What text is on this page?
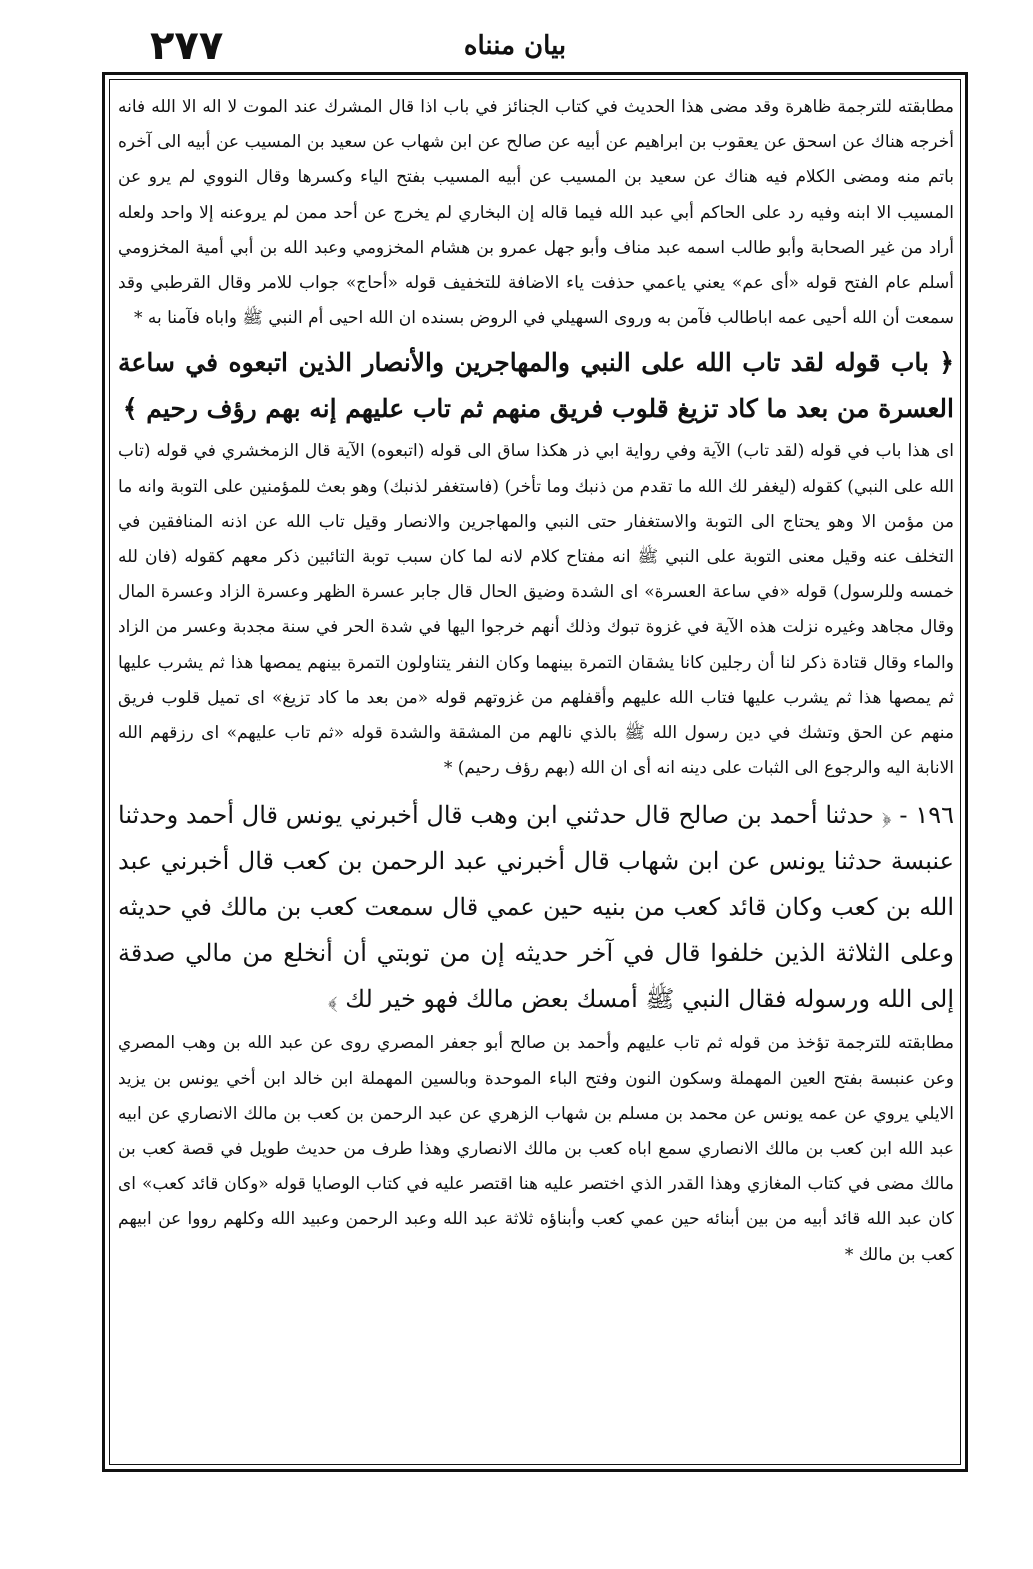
٢٧٧	بيان منناه

مطابقته للترجمة ظاهرة وقد مضى هذا الحديث في كتاب الجنائز في باب اذا قال المشرك عند الموت لا اله الا الله فانه أخرجه هناك عن اسحق عن يعقوب بن ابراهيم عن أبيه عن صالح عن ابن شهاب عن سعيد بن المسيب عن أبيه الى آخره باتم منه ومضى الكلام فيه هناك عن سعيد بن المسيب عن أبيه المسيب بفتح الياء وكسرها وقال النووي لم يرو عن المسيب الا ابنه وفيه رد على الحاكم أبي عبد الله فيما قاله إن البخاري لم يخرج عن أحد ممن لم يروعنه إلا واحد ولعله أراد من غير الصحابة وأبو طالب اسمه عبد مناف وأبو جهل عمرو بن هشام المخزومي وعبد الله بن أبي أمية المخزومي أسلم عام الفتح قوله «أى عم» يعني ياعمي حذفت ياء الاضافة للتخفيف قوله «أحاج» جواب للامر وقال القرطبي وقد سمعت أن الله أحيى عمه اباطالب فآمن به وروى السهيلي في الروض بسنده ان الله احيى أم النبي ﷺ واباه فآمنا به *

﴿ باب قوله لقد تاب الله على النبي والمهاجرين والأنصار الذين اتبعوه في ساعة العسرة من بعد ما كاد تزيغ قلوب فريق منهم ثم تاب عليهم إنه بهم رؤف رحيم ﴾

اى هذا باب في قوله (لقد تاب) الآية وفي رواية ابي ذر هكذا ساق الى قوله (اتبعوه) الآية قال الزمخشري في قوله (تاب الله على النبي) كقوله (ليغفر لك الله ما تقدم من ذنبك وما تأخر) (فاستغفر لذنبك) وهو بعث للمؤمنين على التوبة وانه ما من مؤمن الا وهو يحتاج الى التوبة والاستغفار حتى النبي والمهاجرين والانصار وقيل تاب الله عن اذنه المنافقين في التخلف عنه وقيل معنى التوبة على النبي ﷺ انه مفتاح كلام لانه لما كان سبب توبة التائبين ذكر معهم كقوله (فان لله خمسه وللرسول) قوله «في ساعة العسرة» اى الشدة وضيق الحال قال جابر عسرة الظهر وعسرة الزاد وعسرة المال وقال مجاهد وغيره نزلت هذه الآية في غزوة تبوك وذلك أنهم خرجوا اليها في شدة الحر في سنة مجدبة وعسر من الزاد والماء وقال قتادة ذكر لنا أن رجلين كانا يشقان التمرة بينهما وكان النفر يتناولون التمرة بينهم يمصها هذا ثم يشرب عليها ثم يمصها هذا ثم يشرب عليها فتاب الله عليهم وأقفلهم من غزوتهم قوله «من بعد ما كاد تزيغ» اى تميل قلوب فريق منهم عن الحق وتشك في دين رسول الله ﷺ بالذي نالهم من المشقة والشدة قوله «ثم تاب عليهم» اى رزقهم الله الانابة اليه والرجوع الى الثبات على دينه انه أى ان الله (بهم رؤف رحيم) *

١٩٦ - ﴿ حدثنا أحمد بن صالح قال حدثني ابن وهب قال أخبرني يونس قال أحمد وحدثنا عنبسة حدثنا يونس عن ابن شهاب قال أخبرني عبد الرحمن بن كعب قال أخبرني عبد الله بن كعب وكان قائد كعب من بنيه حين عمي قال سمعت كعب بن مالك في حديثه وعلى الثلاثة الذين خلفوا قال في آخر حديثه إن من توبتي أن أنخلع من مالي صدقة إلى الله ورسوله فقال النبي ﷺ أمسك بعض مالك فهو خير لك ﴾

مطابقته للترجمة تؤخذ من قوله ثم تاب عليهم وأحمد بن صالح أبو جعفر المصري روى عن عبد الله بن وهب المصري وعن عنبسة بفتح العين المهملة وسكون النون وفتح الباء الموحدة وبالسين المهملة ابن خالد ابن أخي يونس بن يزيد الايلي يروي عن عمه يونس عن محمد بن مسلم بن شهاب الزهري عن عبد الرحمن بن كعب بن مالك الانصاري عن ابيه عبد الله ابن كعب بن مالك الانصاري سمع اباه كعب بن مالك الانصاري وهذا طرف من حديث طويل في قصة كعب بن مالك مضى في كتاب المغازي وهذا القدر الذي اختصر عليه هنا اقتصر عليه في كتاب الوصايا قوله «وكان قائد كعب» اى كان عبد الله قائد أبيه من بين أبنائه حين عمي كعب وأبناؤه ثلاثة عبد الله وعبد الرحمن وعبيد الله وكلهم رووا عن ابيهم كعب بن مالك *
